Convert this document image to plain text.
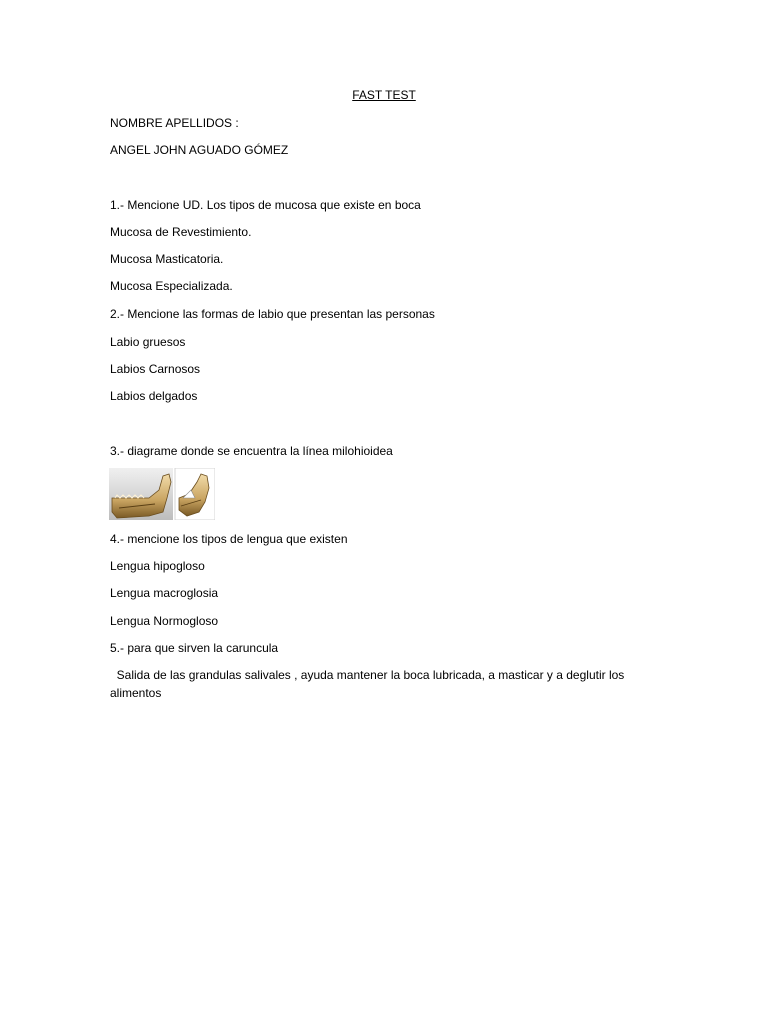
FAST TEST
NOMBRE APELLIDOS :
ANGEL JOHN AGUADO GÓMEZ
1.- Mencione UD. Los tipos de mucosa que existe en boca
Mucosa de Revestimiento.
Mucosa Masticatoria.
Mucosa Especializada.
2.- Mencione las formas de labio que presentan las personas
Labio gruesos
Labios Carnosos
Labios delgados
3.- diagrame donde se encuentra la línea milohioidea
4.- mencione los tipos de lengua que existen
Lengua hipogloso
Lengua macroglosia
Lengua Normogloso
5.- para que sirven la caruncula
Salida de las grandulas salivales , ayuda mantener la boca lubricada, a masticar y a deglutir los alimentos
